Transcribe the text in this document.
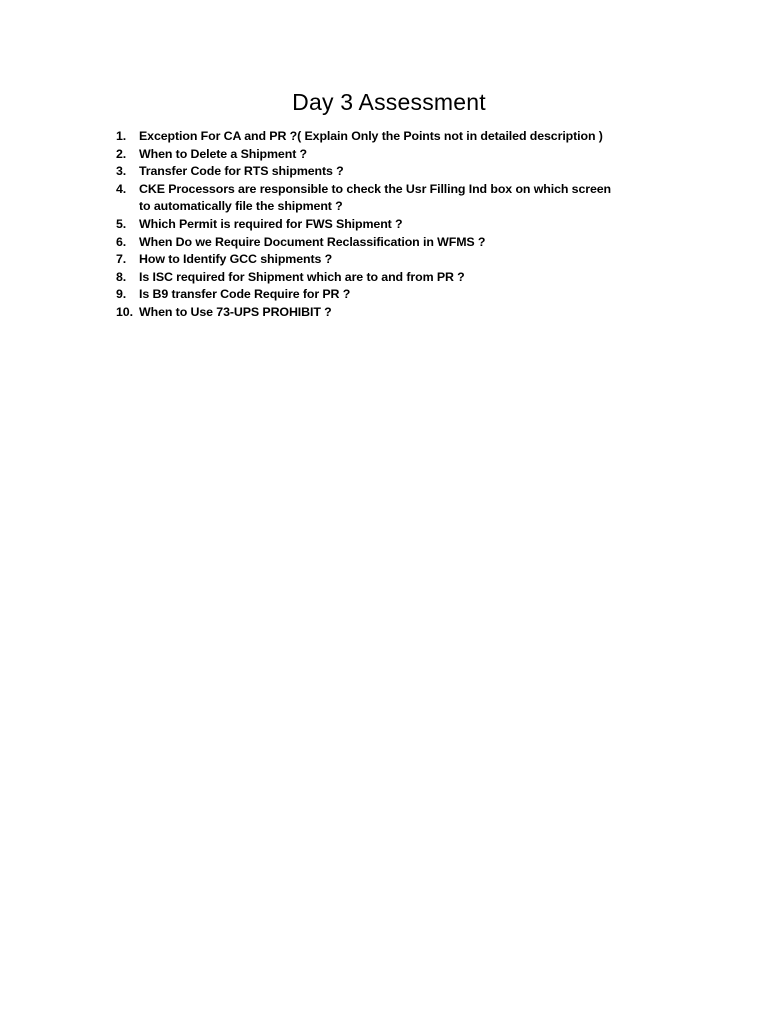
Day 3 Assessment
1.	Exception For CA and PR ?( Explain Only the Points not in detailed description )
2.	When to Delete a Shipment ?
3.	Transfer Code for RTS shipments ?
4.	CKE Processors are responsible to check the Usr Filling Ind box on which screen to automatically file the shipment ?
5.	Which Permit is required for FWS Shipment ?
6.	When Do we Require Document Reclassification in WFMS ?
7.	How to Identify GCC shipments ?
8.	Is ISC required for Shipment which are to and from PR ?
9.	Is B9 transfer Code Require for PR ?
10. When to Use 73-UPS PROHIBIT ?
